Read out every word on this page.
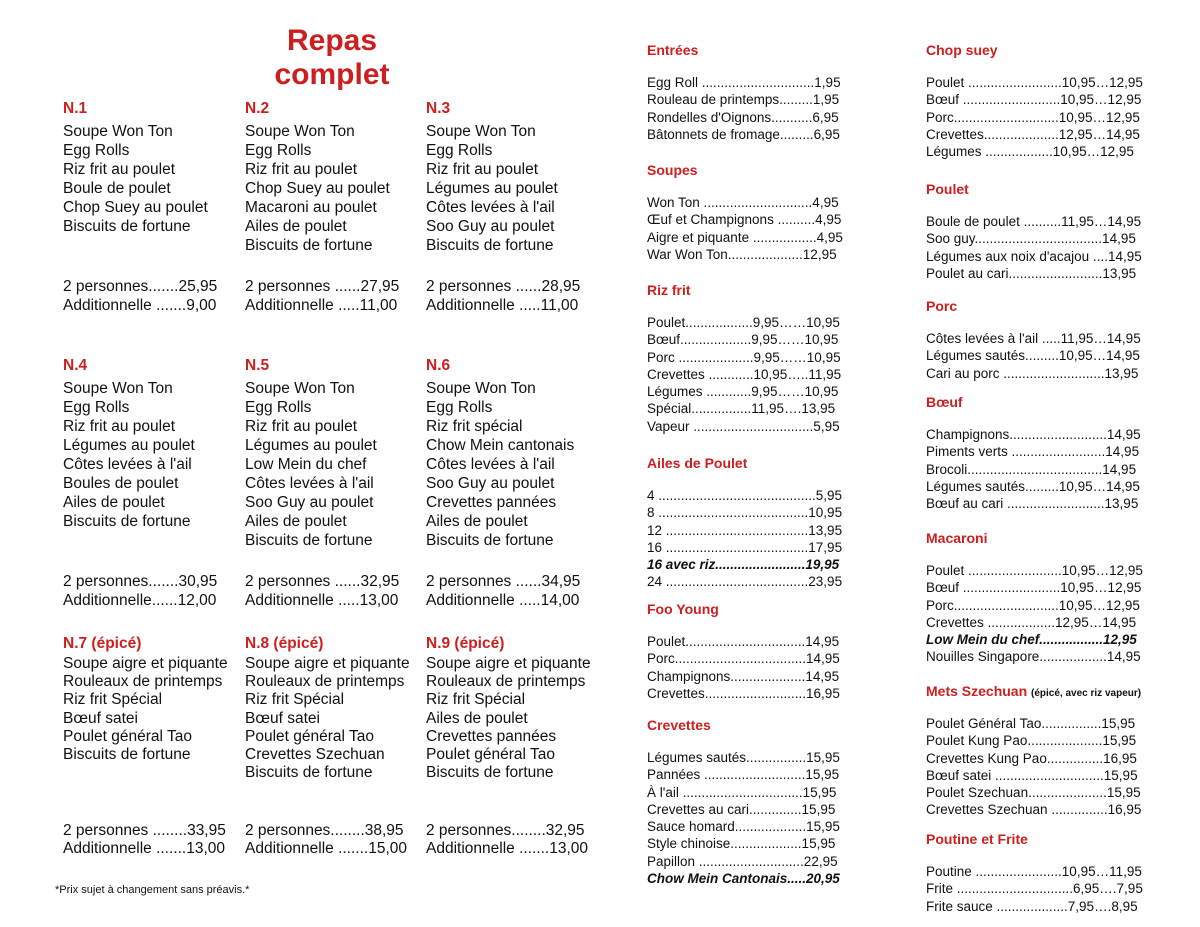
Repas
complet
N.1
Soupe Won Ton
Egg Rolls
Riz frit au poulet
Boule de poulet
Chop Suey au poulet
Biscuits de fortune
2 personnes.......25,95
Additionnelle .......9,00
N.2
Soupe Won Ton
Egg Rolls
Riz frit au poulet
Chop Suey au poulet
Macaroni au poulet
Ailes de poulet
Biscuits de fortune
2 personnes ......27,95
Additionnelle .....11,00
N.3
Soupe Won Ton
Egg Rolls
Riz frit au poulet
Légumes au poulet
Côtes levées à l'ail
Soo Guy au poulet
Biscuits de fortune
2 personnes ......28,95
Additionnelle .....11,00
N.4
Soupe Won Ton
Egg Rolls
Riz frit au poulet
Légumes au poulet
Côtes levées à l'ail
Boules de poulet
Ailes de poulet
Biscuits de fortune
2 personnes.......30,95
Additionnelle......12,00
N.5
Soupe Won Ton
Egg Rolls
Riz frit au poulet
Légumes au poulet
Low Mein du chef
Côtes levées à l'ail
Soo Guy au poulet
Ailes de poulet
Biscuits de fortune
2 personnes ......32,95
Additionnelle .....13,00
N.6
Soupe Won Ton
Egg Rolls
Riz frit spécial
Chow Mein cantonais
Côtes levées à l'ail
Soo Guy au poulet
Crevettes pannées
Ailes de poulet
Biscuits de fortune
2 personnes ......34,95
Additionnelle .....14,00
N.7 (épicé)
Soupe aigre et piquante
Rouleaux de printemps
Riz frit Spécial
Bœuf satei
Poulet général Tao
Biscuits de fortune
2 personnes ........33,95
Additionnelle .......13,00
N.8 (épicé)
Soupe aigre et piquante
Rouleaux de printemps
Riz frit Spécial
Bœuf satei
Poulet général Tao
Crevettes Szechuan
Biscuits de fortune
2 personnes........38,95
Additionnelle .......15,00
N.9 (épicé)
Soupe aigre et piquante
Rouleaux de printemps
Riz frit Spécial
Ailes de poulet
Crevettes pannées
Poulet général Tao
Biscuits de fortune
2 personnes........32,95
Additionnelle .......13,00
*Prix sujet à changement sans préavis.*
Entrées
Egg Roll ..............................1,95
Rouleau de printemps.........1,95
Rondelles d'Oignons...........6,95
Bâtonnets de fromage.........6,95
Soupes
Won Ton .............................4,95
Œuf et Champignons ..........4,95
Aigre et piquante .................4,95
War Won Ton....................12,95
Riz frit
Poulet..................9,95……10,95
Bœuf...................9,95……10,95
Porc ....................9,95……10,95
Crevettes ............10,95…..11,95
Légumes ............9,95……10,95
Spécial................11,95….13,95
Vapeur ................................5,95
Ailes de Poulet
4 ..........................................5,95
8 ........................................10,95
12 ......................................13,95
16 ......................................17,95
16 avec riz........................19,95
24 ......................................23,95
Foo Young
Poulet................................14,95
Porc...................................14,95
Champignons....................14,95
Crevettes...........................16,95
Crevettes
Légumes sautés................15,95
Pannées ...........................15,95
À l'ail ................................15,95
Crevettes au cari..............15,95
Sauce homard...................15,95
Style chinoise...................15,95
Papillon ............................22,95
Chow Mein Cantonais.....20,95
Chop suey
Poulet .........................10,95…12,95
Bœuf ..........................10,95…12,95
Porc............................10,95…12,95
Crevettes....................12,95…14,95
Légumes ..................10,95…12,95
Poulet
Boule de poulet ..........11,95…14,95
Soo guy..................................14,95
Légumes aux noix d'acajou ....14,95
Poulet au cari.........................13,95
Porc
Côtes levées à l'ail .....11,95…14,95
Légumes sautés.........10,95…14,95
Cari au porc ...........................13,95
Bœuf
Champignons..........................14,95
Piments verts .........................14,95
Brocoli....................................14,95
Légumes sautés.........10,95…14,95
Bœuf au cari ..........................13,95
Macaroni
Poulet .........................10,95…12,95
Bœuf ..........................10,95…12,95
Porc............................10,95…12,95
Crevettes ..................12,95…14,95
Low Mein du chef.................12,95
Nouilles Singapore..................14,95
Mets Szechuan (épicé, avec riz vapeur)
Poulet Général Tao................15,95
Poulet Kung Pao....................15,95
Crevettes Kung Pao...............16,95
Bœuf satei .............................15,95
Poulet Szechuan.....................15,95
Crevettes Szechuan ...............16,95
Poutine et Frite
Poutine .......................10,95…11,95
Frite ...............................6,95….7,95
Frite sauce ...................7,95….8,95
